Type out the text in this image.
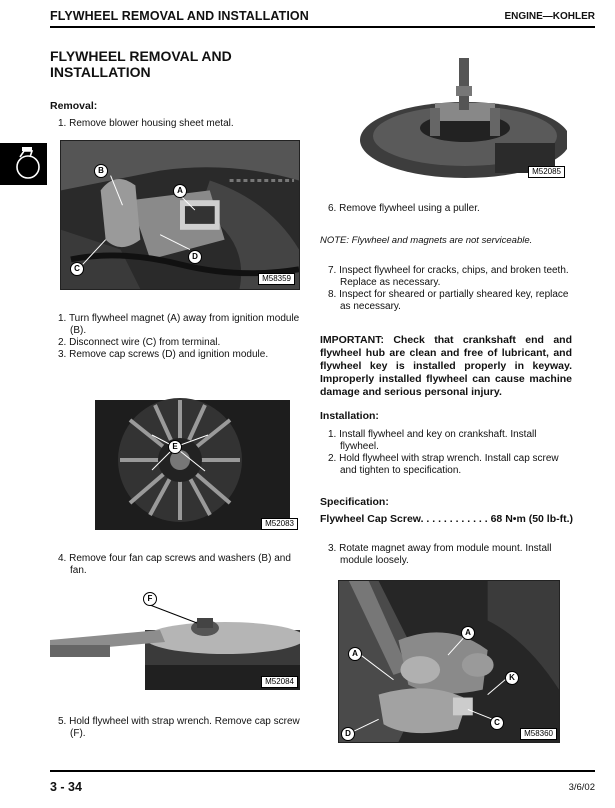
FLYWHEEL REMOVAL AND INSTALLATION	ENGINE—KOHLER
FLYWHEEL REMOVAL AND INSTALLATION
Removal:
1. Remove blower housing sheet metal.
B
A
D
C
M58359
1. Turn flywheel magnet (A) away from ignition module (B).
2. Disconnect wire (C) from terminal.
3. Remove cap screws (D) and ignition module.
E
M52083
4. Remove four fan cap screws and washers (B) and fan.
F
M52084
5. Hold flywheel with strap wrench. Remove cap screw (F).
M52085
6. Remove flywheel using a puller.
NOTE: Flywheel and magnets are not serviceable.
7. Inspect flywheel for cracks, chips, and broken teeth. Replace as necessary.
8. Inspect for sheared or partially sheared key, replace as necessary.
IMPORTANT: Check that crankshaft end and flywheel hub are clean and free of lubricant, and flywheel key is installed properly in keyway. Improperly installed flywheel can cause machine damage and serious personal injury.
Installation:
1. Install flywheel and key on crankshaft. Install flywheel.
2. Hold flywheel with strap wrench. Install cap screw and tighten to specification.
Specification:
Flywheel Cap Screw. . . . . . . . . . . . 68 N•m (50 lb-ft.)
3. Rotate magnet away from module mount. Install module loosely.
A
A
K
C
D	M58360
3 - 34	3/6/02
